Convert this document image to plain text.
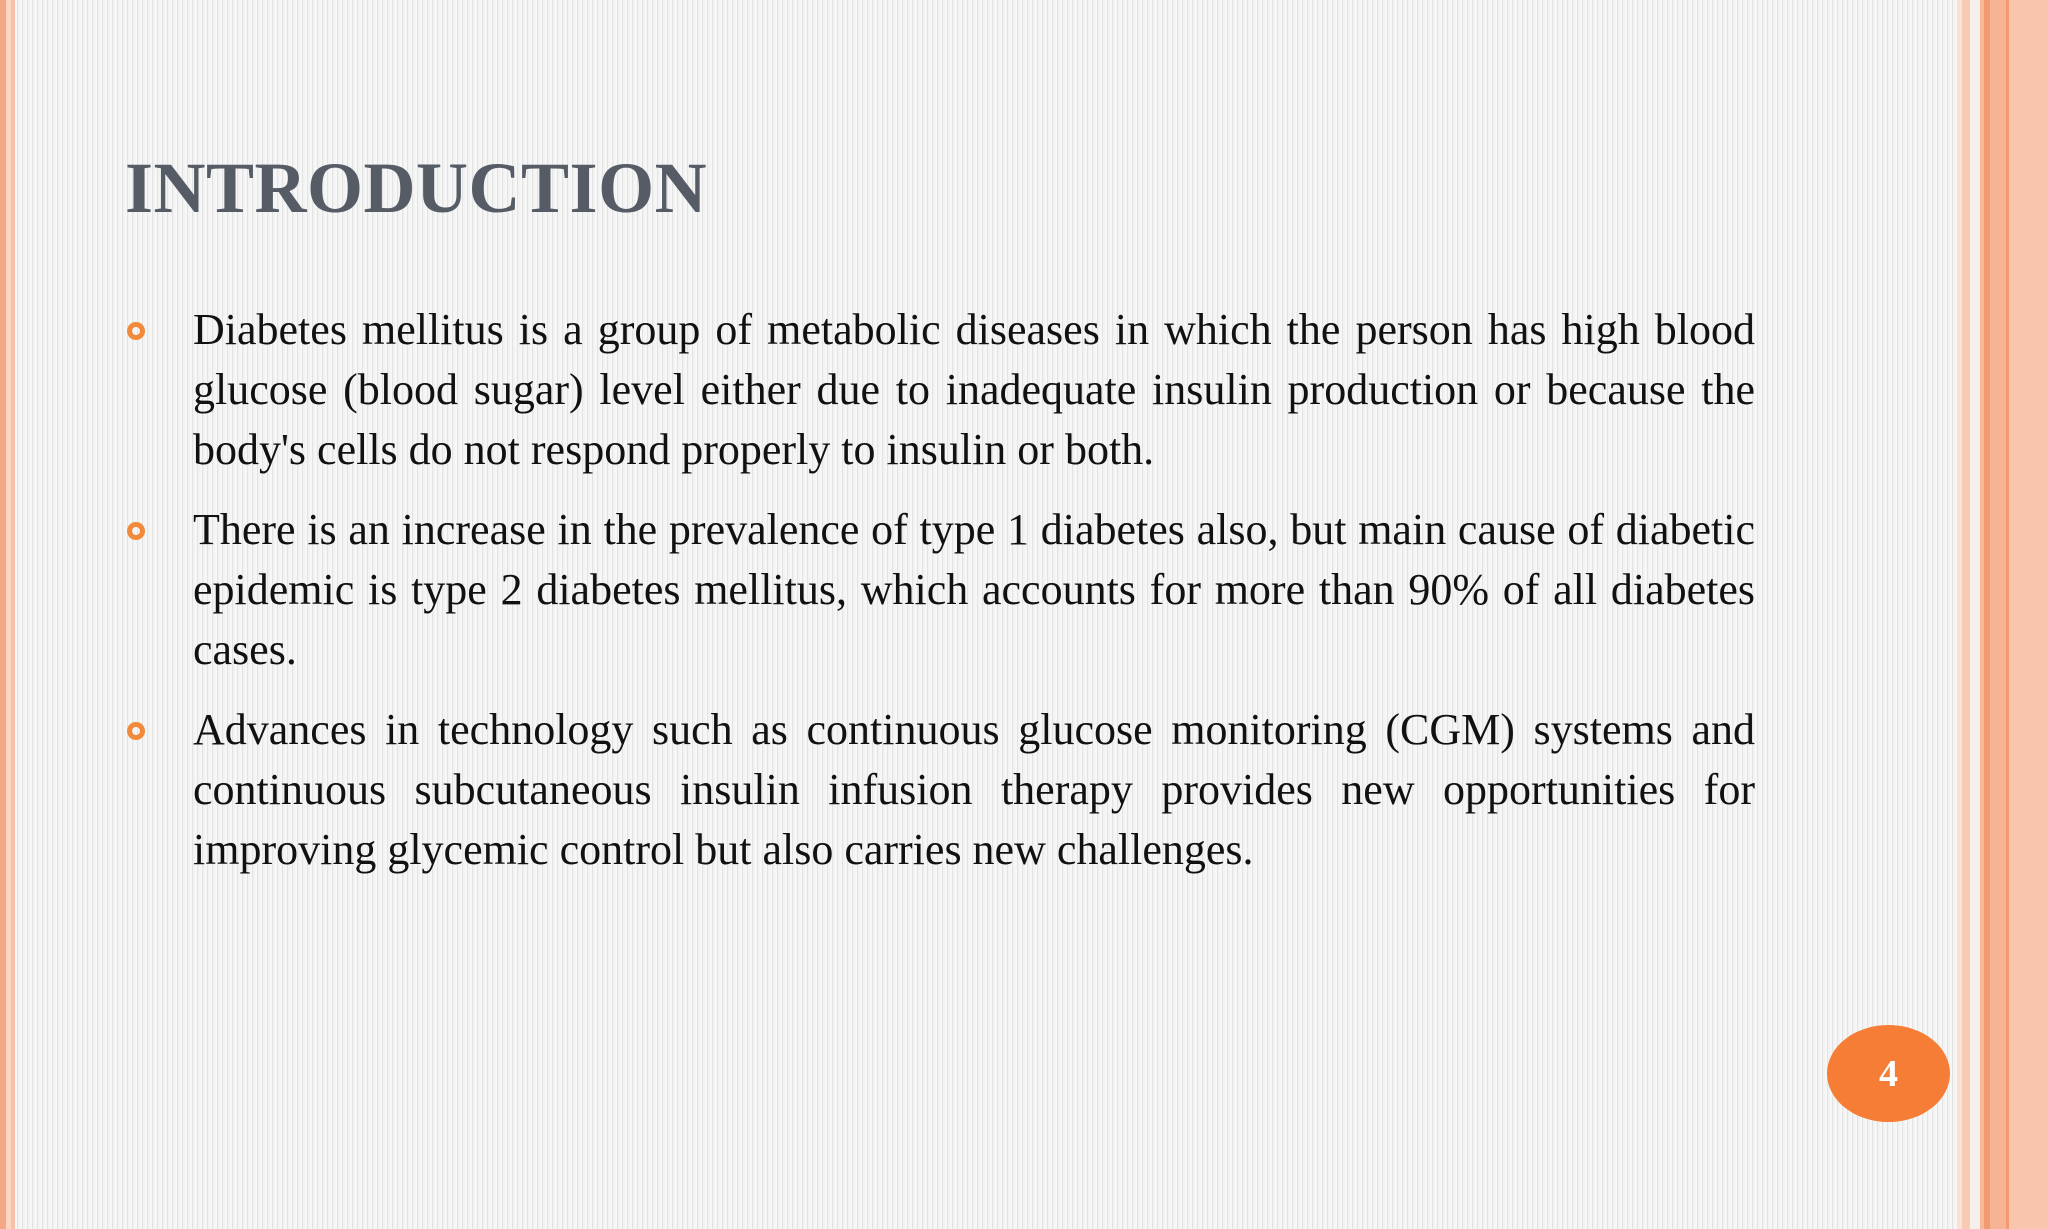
INTRODUCTION
Diabetes mellitus is a group of metabolic diseases in which the person has high blood glucose (blood sugar) level either due to inadequate insulin production or because the body's cells do not respond properly to insulin or both.
There is an increase in the prevalence of type 1 diabetes also, but main cause of diabetic epidemic is type 2 diabetes mellitus, which accounts for more than 90% of all diabetes cases.
Advances in technology such as continuous glucose monitoring (CGM) systems and continuous subcutaneous insulin infusion therapy provides new opportunities for improving glycemic control but also carries new challenges.
4
